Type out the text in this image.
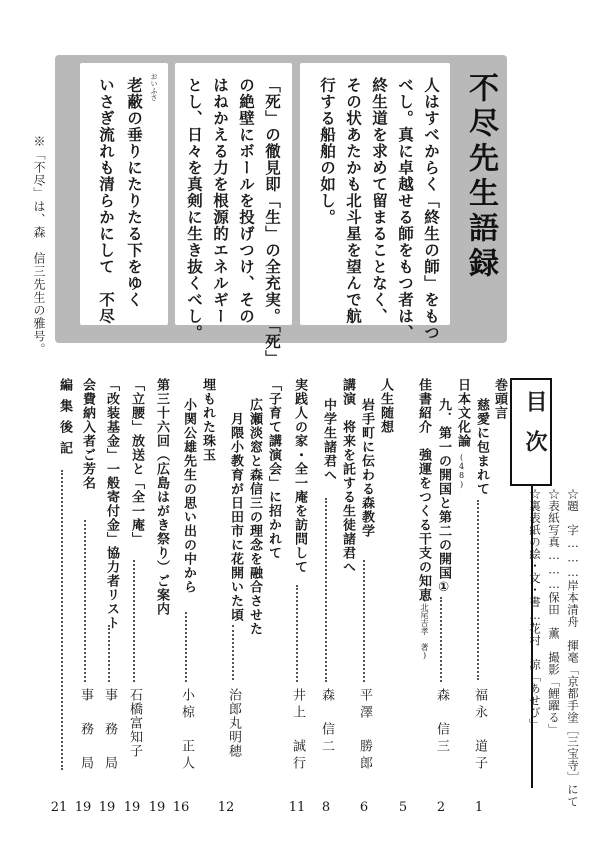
不尽先生語録
人はすべからく「終生の師」をもつ
べし。真に卓越せる師をもつ者は、
終生道を求めて留まることなく、
その状あたかも北斗星を望んで航
行する船舶の如し。
「死」の徹見即「生」の全充実。「死」
の絶壁にボールを投げつけ、その
はねかえる力を根源的エネルギー
とし、日々を真剣に生き抜くべし。
老蔽の垂りにたりたる下をゆく
いさぎ流れも清らかにして　不尽	おいふさ
※「不尽」は、森　信三先生の雅号。
目次
☆題　字………岸本清舟　揮毫「京都手塗［三宝寺］にて
☆表紙写真………保田　薫　撮影「鯉躍る」
☆裏表紙の絵・文・書…花村　涼「あせび」
巻頭言
慈愛に包まれて
福永　道子
1
日本文化論
(48)
九．第一の開国と第二の開国①
森　信三
2
佳書紹介　強運をつくる干支の知恵
(北尾吉孝　著)
5
人生随想
岩手町に伝わる森教学
平澤　勝郎
6
講演　将来を託する生徒諸君へ
中学生諸君へ
森　信二
8
実践人の家・全一庵を訪問して
井上　誠行
11
「子育て講演会」に招かれて
広瀬淡窓と森信三の理念を融合させた
月隈小教育が日田市に花開いた頃
治郎丸明穂
12
埋もれた珠玉
小関公雄先生の思い出の中から
小椋　正人
16
第三十六回（広島はがき祭り）ご案内
19
「立腰」放送と「全一庵」
石橋富知子
19
「改装基金」一般寄付金」協力者リスト
事　務　局
19
会費納入者ご芳名
事　務　局
19
編集後記
21
